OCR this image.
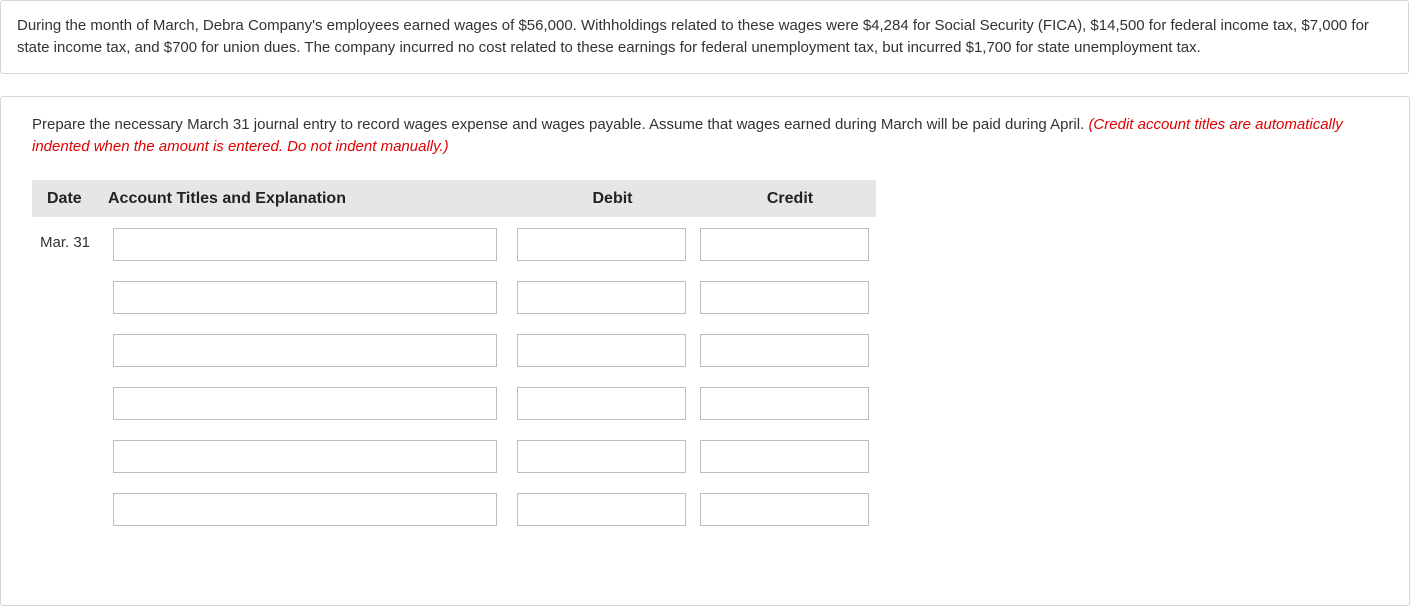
During the month of March, Debra Company's employees earned wages of $56,000. Withholdings related to these wages were $4,284 for Social Security (FICA), $14,500 for federal income tax, $7,000 for state income tax, and $700 for union dues. The company incurred no cost related to these earnings for federal unemployment tax, but incurred $1,700 for state unemployment tax.
Prepare the necessary March 31 journal entry to record wages expense and wages payable. Assume that wages earned during March will be paid during April. (Credit account titles are automatically indented when the amount is entered. Do not indent manually.)
Date	Account Titles and Explanation	Debit	Credit
Mar. 31
